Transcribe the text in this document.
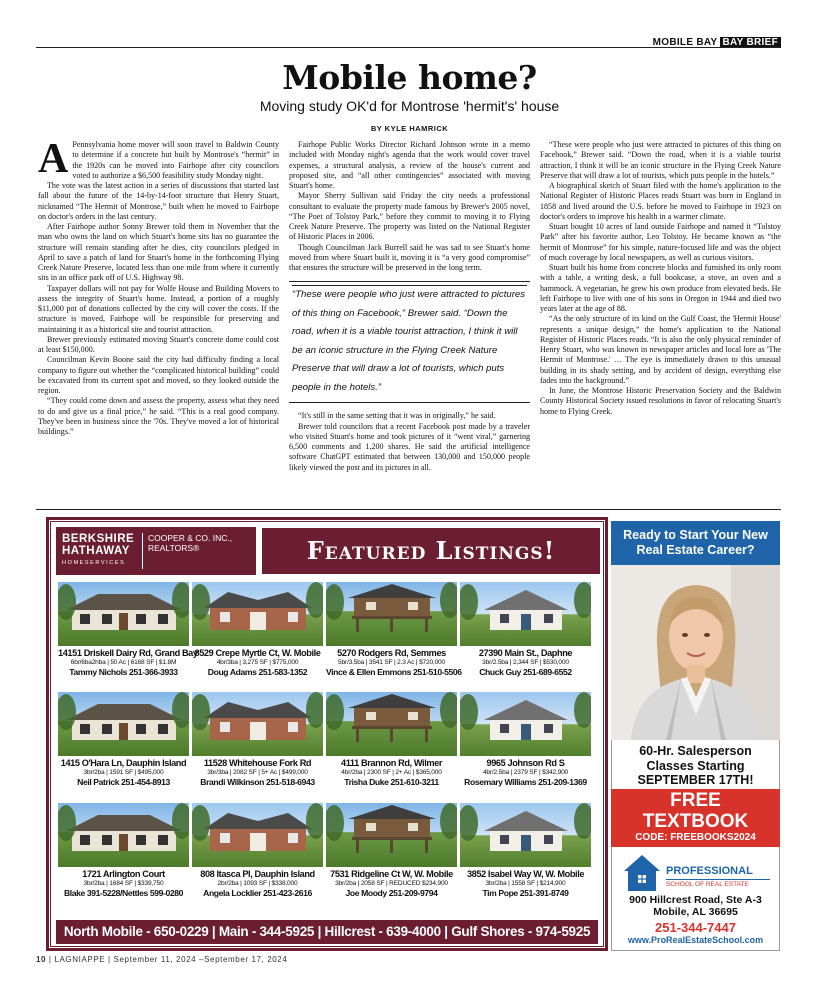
MOBILE BAY BAY BRIEF
Mobile home?
Moving study OK'd for Montrose 'hermit's' house
BY KYLE HAMRICK

A Pennsylvania home mover will soon travel to Baldwin County to determine if a concrete hut built by Montrose's “hermit” in the 1920s can be moved into Fairhope after city councilors voted to authorize a $6,500 feasibility study Monday night.

The vote was the latest action in a series of discussions that started last fall about the future of the 14-by-14-foot structure that Henry Stuart, nicknamed “The Hermit of Montrose,” built when he moved to Fairhope on doctor's orders in the last century.

After Fairhope author Sonny Brewer told them in November that the man who owns the land on which Stuart's home sits has no guarantee the structure will remain standing after he dies, city councilors pledged in April to save a patch of land for Stuart's home in the forthcoming Flying Creek Nature Preserve, located less than one mile from where it currently sits in an office park off of U.S. Highway 98.

Taxpayer dollars will not pay for Wolfe House and Building Movers to assess the integrity of Stuart's home. Instead, a portion of a roughly $11,000 pot of donations collected by the city will cover the costs. If the structure is moved, Fairhope will be responsible for preserving and maintaining it as a historical site and tourist attraction.

Brewer previously estimated moving Stuart's concrete dome could cost at least $150,000.

Councilman Kevin Boone said the city had difficulty finding a local company to figure out whether the “complicated historical building” could be excavated from its current spot and moved, so they looked outside the region.

“They could come down and assess the property, assess what they need to do and give us a final price,” he said. “This is a real good company. They've been in business since the '70s. They've moved a lot of historical buildings.”

Fairhope Public Works Director Richard Johnson wrote in a memo included with Monday night's agenda that the work would cover travel expenses, a structural analysis, a review of the house's current and proposed site, and “all other contingencies” associated with moving Stuart's home.

Mayor Sherry Sullivan said Friday the city needs a professional consultant to evaluate the property made famous by Brewer's 2005 novel, “The Poet of Tolstoy Park,” before they commit to moving it to Flying Creek Nature Preserve. The property was listed on the National Register of Historic Places in 2006.

Though Councilman Jack Burrell said he was sad to see Stuart's home moved from where Stuart built it, moving it is “a very good compromise” that ensures the structure will be preserved in the long term.

“These were people who just were attracted to pictures of this thing on Facebook,” Brewer said. “Down the road, when it is a viable tourist attraction, I think it will be an iconic structure in the Flying Creek Nature Preserve that will draw a lot of tourists, which puts people in the hotels.”

“It's still in the same setting that it was in originally,” he said.

Brewer told councilors that a recent Facebook post made by a traveler who visited Stuart's home and took pictures of it “went viral,” garnering 6,500 comments and 1,200 shares. He said the artificial intelligence software ChatGPT estimated that between 130,000 and 150,000 people likely viewed the post and its pictures in all.

“These were people who just were attracted to pictures of this thing on Facebook,” Brewer said. “Down the road, when it is a viable tourist attraction, I think it will be an iconic structure in the Flying Creek Nature Preserve that will draw a lot of tourists, which puts people in the hotels.”

A biographical sketch of Stuart filed with the home's application to the National Register of Historic Places reads Stuart was born in England in 1858 and lived around the U.S. before he moved to Fairhope in 1923 on doctor's orders to improve his health in a warmer climate.

Stuart bought 10 acres of land outside Fairhope and named it “Tolstoy Park” after his favorite author, Leo Tolstoy. He became known as “the hermit of Montrose” for his simple, nature-focused life and was the object of much coverage by local newspapers, as well as curious visitors.

Stuart built his home from concrete blocks and furnished its only room with a table, a writing desk, a full bookcase, a stove, an oven and a hammock. A vegetarian, he grew his own produce from elevated beds. He left Fairhope to live with one of his sons in Oregon in 1944 and died two years later at the age of 88.

“As the only structure of its kind on the Gulf Coast, the 'Hermit House' represents a unique design,” the home's application to the National Register of Historic Places reads. “It is also the only physical reminder of Henry Stuart, who was known in newspaper articles and local lore as 'The Hermit of Montrose.' … The eye is immediately drawn to this unusual building in its shady setting, and by accident of design, everything else fades into the background.”

In June, the Montrose Historic Preservation Society and the Baldwin County Historical Society issued resolutions in favor of relocating Stuart's home to Flying Creek.

BERKSHIRE
HATHAWAY
HOMESERVICES
COOPER & CO. INC.,
REALTORS®	Featured Listings!
14151 Driskell Dairy Rd, Grand Bay
6br/6ba2hba | 50 Ac | 6168 SF | $1.8M
Tammy Nichols 251-366-3933
8529 Crepe Myrtle Ct, W. Mobile
4br/3ba | 3,275 SF | $775,000
Doug Adams 251-583-1352
5270 Rodgers Rd, Semmes
5br/3.5ba | 3541 SF | 2.3 Ac | $720,000
Vince & Ellen Emmons 251-510-5506
27390 Main St., Daphne
3br/2.5ba | 2,344 SF | $530,000
Chuck Guy 251-689-6552
1415 O'Hara Ln, Dauphin Island
3br/2ba | 1591 SF | $495,000
Neil Patrick 251-454-8913
11528 Whitehouse Fork Rd
3br/3ba | 2082 SF | 5+ Ac | $499,000
Brandi Wilkinson 251-518-6943
4111 Brannon Rd, Wilmer
4br/2ba | 2300 SF | 2+ Ac | $365,000
Trisha Duke 251-610-3211
9965 Johnson Rd S
4br/2.5ba | 2379 SF | $342,900
Rosemary Williams 251-209-1369
1721 Arlington Court
3br/2ba | 1684 SF | $339,750
Blake 391-5228/Nettles 599-0280
808 Itasca Pl, Dauphin Island
2br/2ba | 1093 SF | $338,000
Angela Locklier 251-423-2616
7531 Ridgeline Ct W, W. Mobile
3br/2ba | 2058 SF | REDUCED $234,900
Joe Moody 251-209-9794
3852 Isabel Way W, W. Mobile
3br/2ba | 1558 SF | $214,900
Tim Pope 251-391-8749
North Mobile - 650-0229 | Main - 344-5925 | Hillcrest - 639-4000 | Gulf Shores - 974-5925
Ready to Start Your New
Real Estate Career?
60-Hr. Salesperson
Classes Starting
SEPTEMBER 17TH!
FREE
TEXTBOOK
CODE: FREEBOOKS2024
PROFESSIONAL
SCHOOL OF REAL ESTATE
900 Hillcrest Road, Ste A-3
Mobile, AL 36695
251-344-7447
www.ProRealEstateSchool.com
10 | LAGNIAPPE | September 11, 2024 –September 17, 2024
